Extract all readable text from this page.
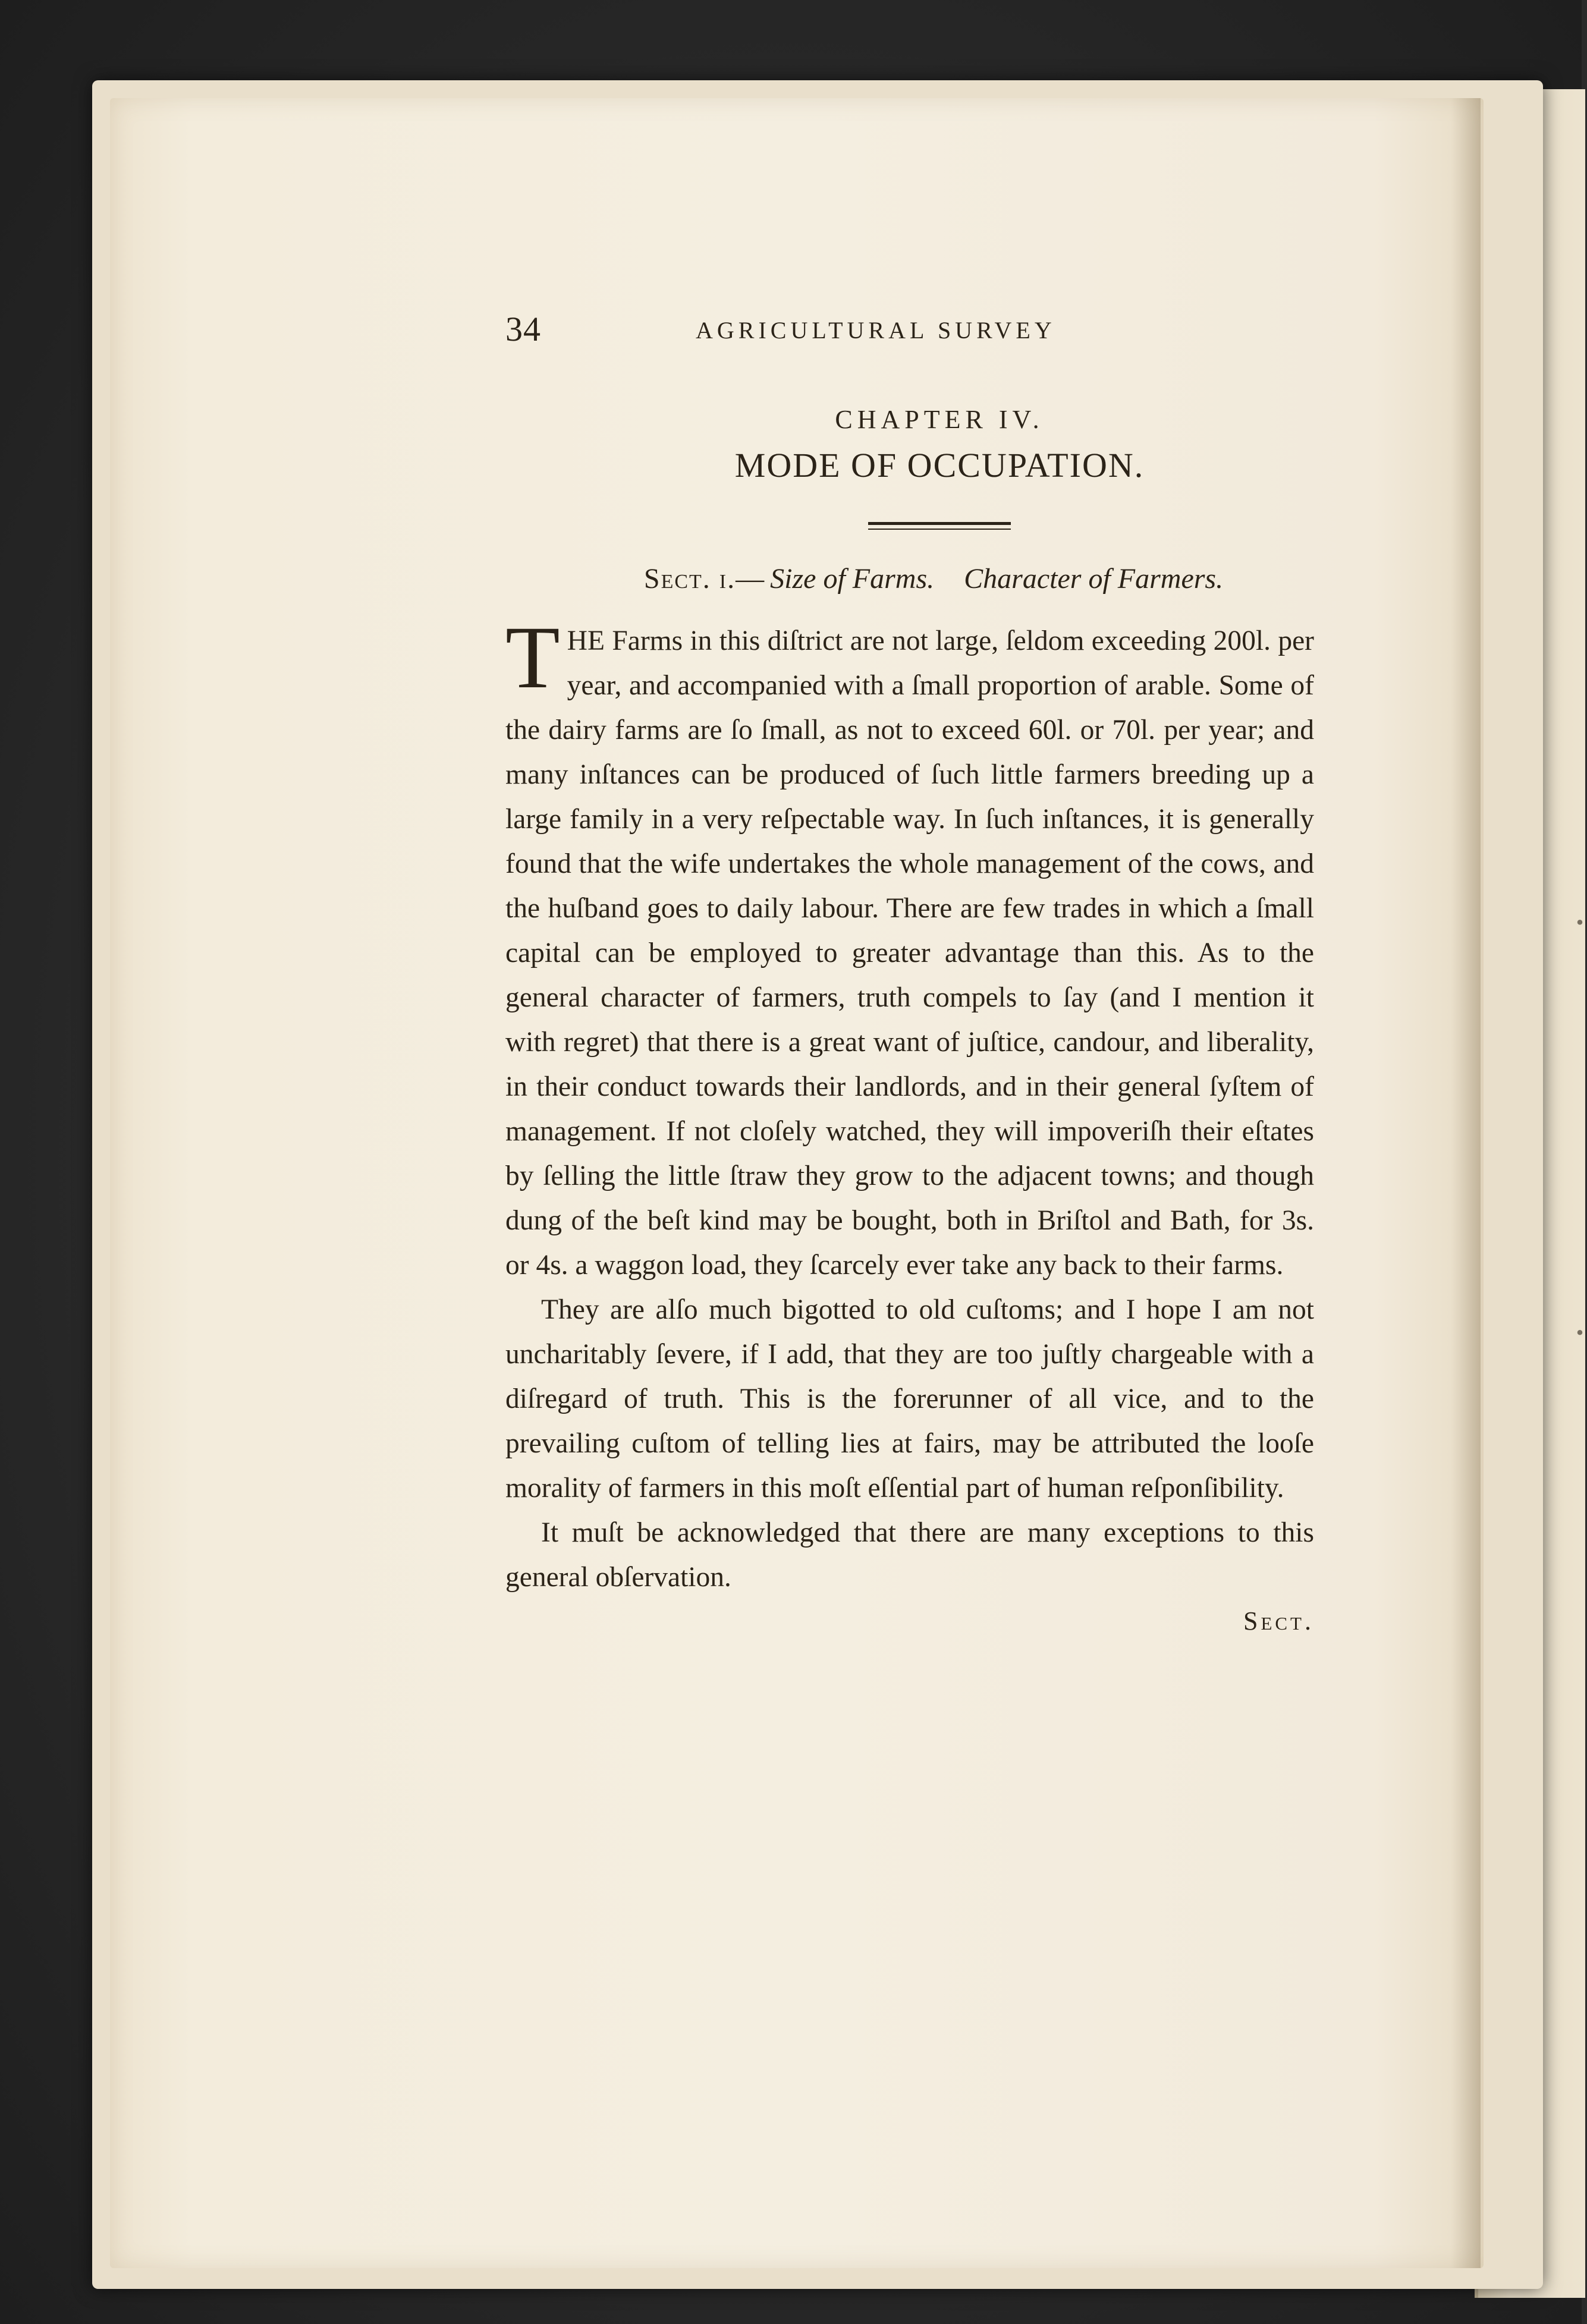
·
·
34	AGRICULTURAL SURVEY
CHAPTER IV.
MODE OF OCCUPATION.
Sect. i.— Size of Farms. Character of Farmers.

THE Farms in this diſtrict are not large, ſeldom exceeding 200l. per year, and accompanied with a ſmall proportion of arable. Some of the dairy farms are ſo ſmall, as not to exceed 60l. or 70l. per year; and many inſtances can be produced of ſuch little farmers breeding up a large family in a very reſpectable way. In ſuch inſtances, it is generally found that the wife undertakes the whole management of the cows, and the huſband goes to daily labour. There are few trades in which a ſmall capital can be employed to greater advantage than this. As to the general character of farmers, truth compels to ſay (and I mention it with regret) that there is a great want of juſtice, candour, and liberality, in their conduct towards their landlords, and in their general ſyſtem of management. If not cloſely watched, they will impoveriſh their eſtates by ſelling the little ſtraw they grow to the adjacent towns; and though dung of the beſt kind may be bought, both in Briſtol and Bath, for 3s. or 4s. a waggon load, they ſcarcely ever take any back to their farms.

They are alſo much bigotted to old cuſtoms; and I hope I am not uncharitably ſevere, if I add, that they are too juſtly chargeable with a diſregard of truth. This is the forerunner of all vice, and to the prevailing cuſtom of telling lies at fairs, may be attributed the looſe morality of farmers in this moſt eſſential part of human reſponſibility.

It muſt be acknowledged that there are many exceptions to this general obſervation.

Sect.
